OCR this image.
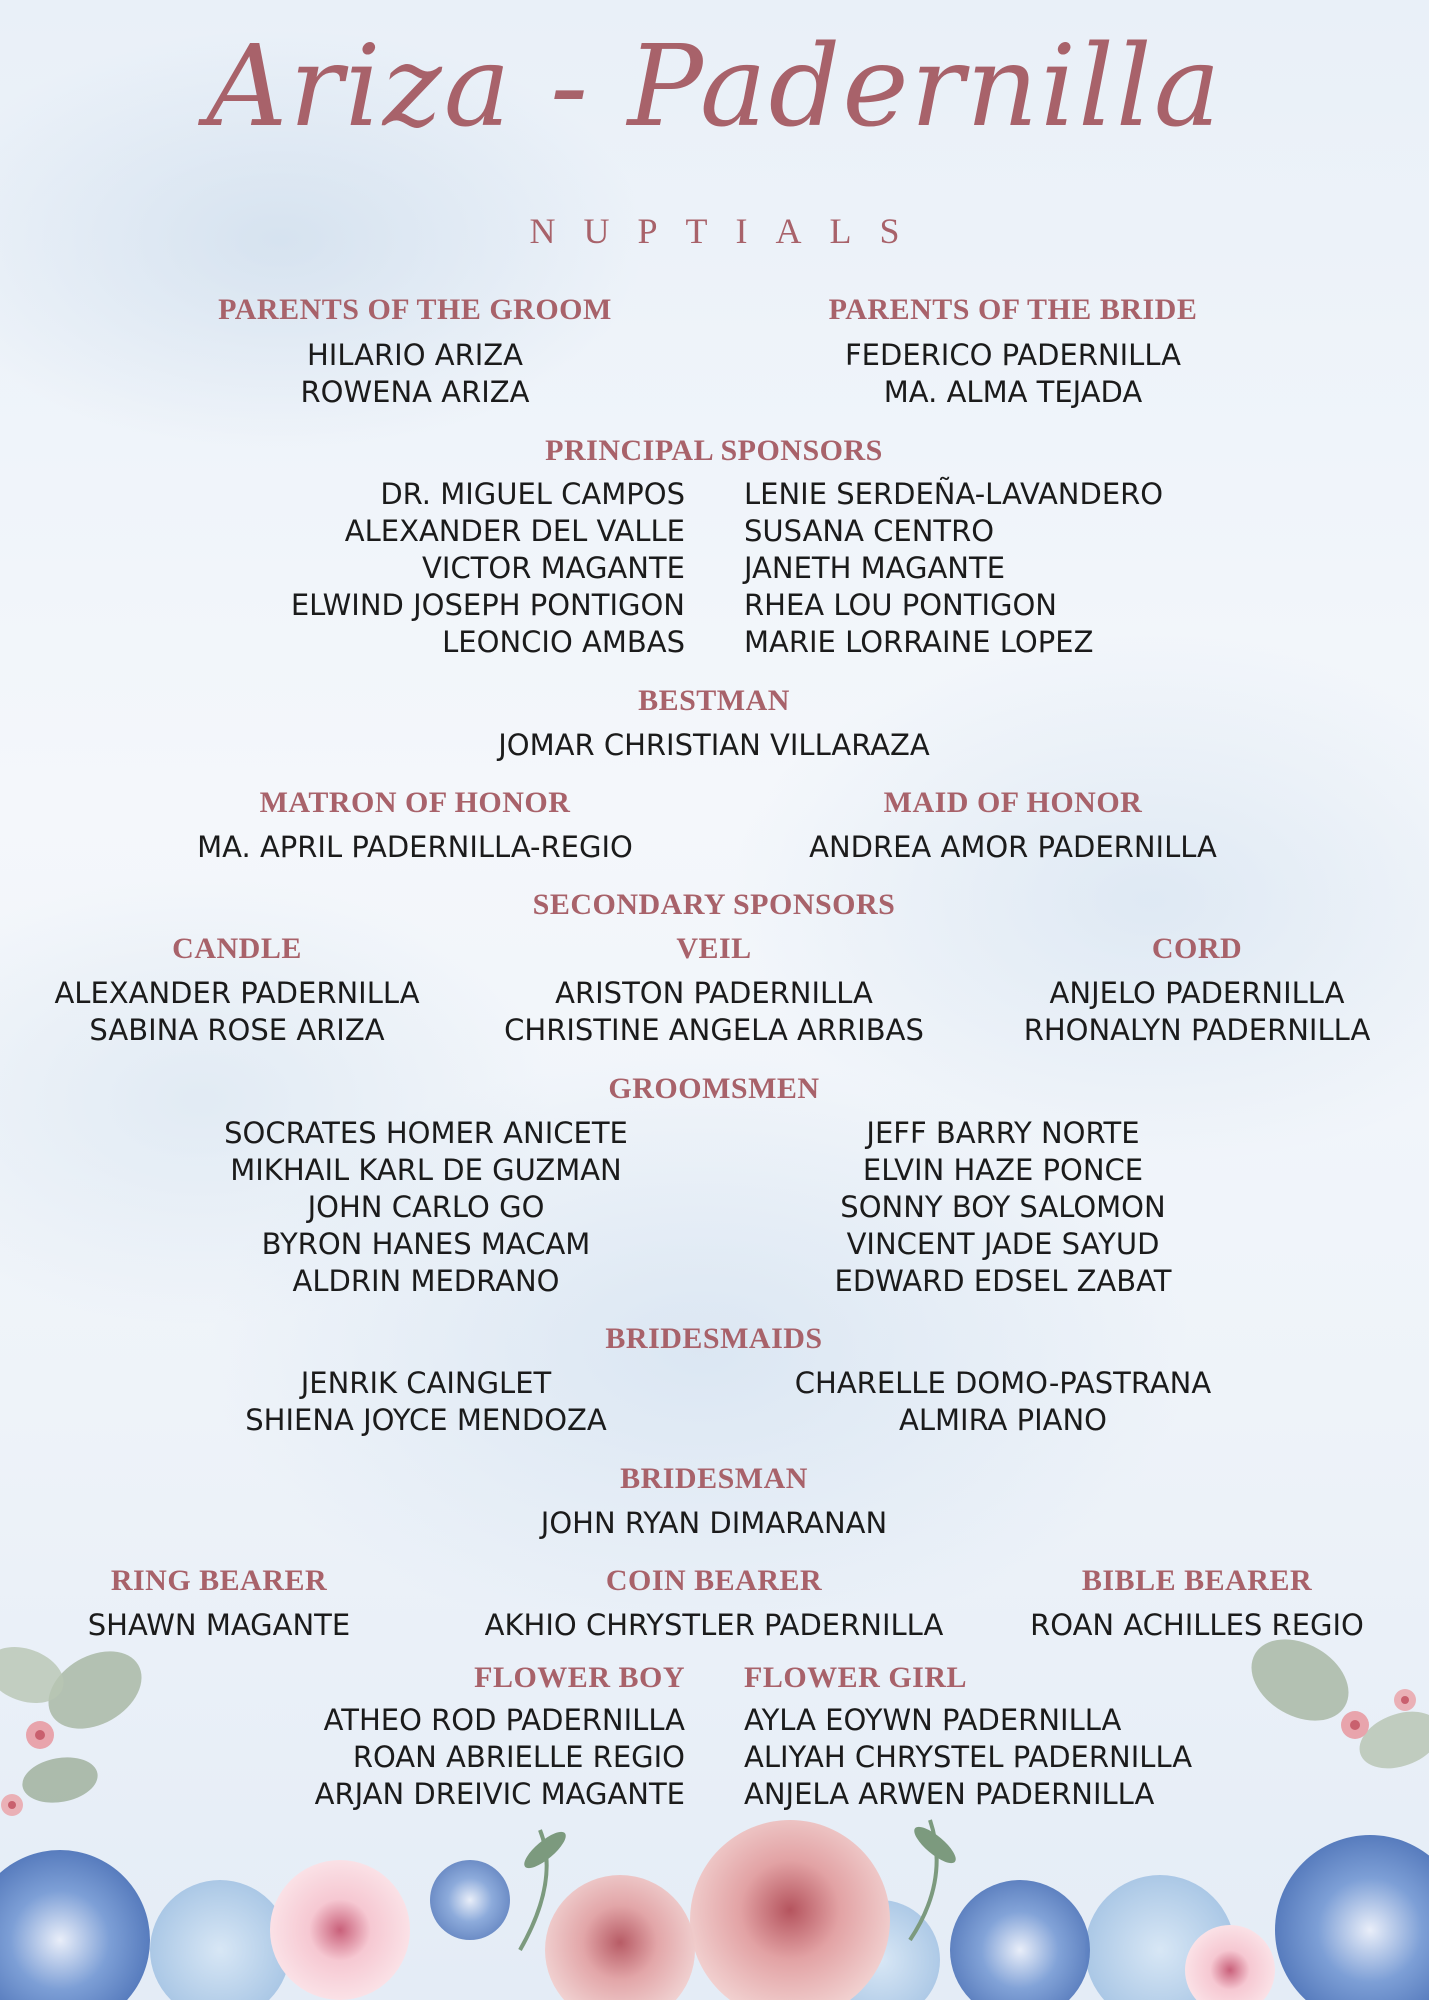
Ariza - Padernilla
NUPTIALS
PARENTS OF THE GROOM
HILARIO ARIZA
ROWENA ARIZA
PARENTS OF THE BRIDE
FEDERICO PADERNILLA
MA. ALMA TEJADA
PRINCIPAL SPONSORS
DR. MIGUEL CAMPOS
ALEXANDER DEL VALLE
VICTOR MAGANTE
ELWIND JOSEPH PONTIGON
LEONCIO AMBAS
LENIE SERDEÑA-LAVANDERO
SUSANA CENTRO
JANETH MAGANTE
RHEA LOU PONTIGON
MARIE LORRAINE LOPEZ
BESTMAN
JOMAR CHRISTIAN VILLARAZA
MATRON OF HONOR
MA. APRIL PADERNILLA-REGIO
MAID OF HONOR
ANDREA AMOR PADERNILLA
SECONDARY SPONSORS
CANDLE
ALEXANDER PADERNILLA
SABINA ROSE ARIZA
VEIL
ARISTON PADERNILLA
CHRISTINE ANGELA ARRIBAS
CORD
ANJELO PADERNILLA
RHONALYN PADERNILLA
GROOMSMEN
SOCRATES HOMER ANICETE
MIKHAIL KARL DE GUZMAN
JOHN CARLO GO
BYRON HANES MACAM
ALDRIN MEDRANO
JEFF BARRY NORTE
ELVIN HAZE PONCE
SONNY BOY SALOMON
VINCENT JADE SAYUD
EDWARD EDSEL ZABAT
BRIDESMAIDS
JENRIK CAINGLET
SHIENA JOYCE MENDOZA
CHARELLE DOMO-PASTRANA
ALMIRA PIANO
BRIDESMAN
JOHN RYAN DIMARANAN
RING BEARER
SHAWN MAGANTE
COIN BEARER
AKHIO CHRYSTLER PADERNILLA
BIBLE BEARER
ROAN ACHILLES REGIO
FLOWER BOY
ATHEO ROD PADERNILLA
ROAN ABRIELLE REGIO
ARJAN DREIVIC MAGANTE
FLOWER GIRL
AYLA EOYWN PADERNILLA
ALIYAH CHRYSTEL PADERNILLA
ANJELA ARWEN PADERNILLA
